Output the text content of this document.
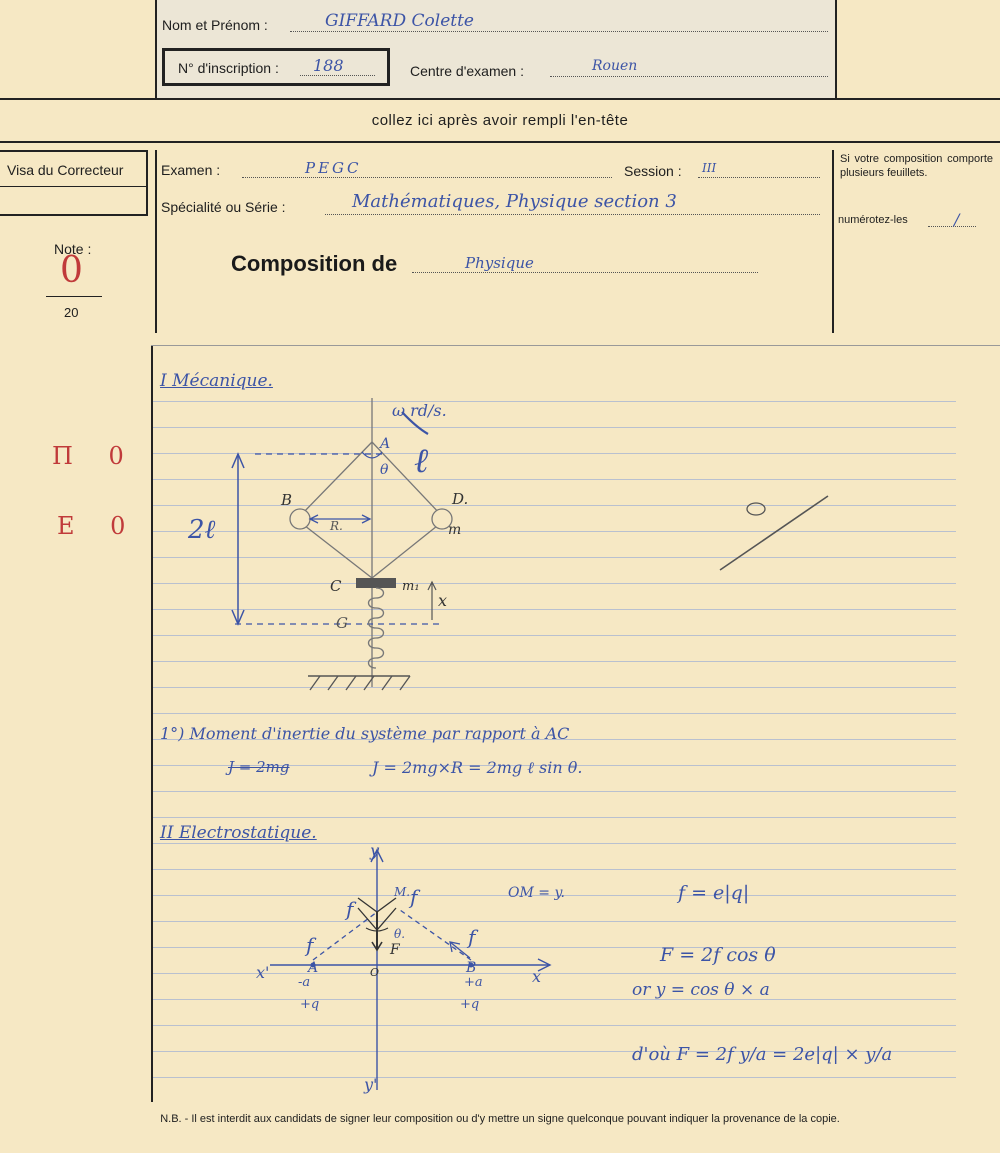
Nom et Prénom :	GIFFARD Colette
N° d'inscription : 188	Centre d'examen :	Rouen
collez ici après avoir rempli l'en-tête
Visa du Correcteur	Examen :	PEGC	Session : III
Spécialité ou Série :	Mathématiques, Physique section 3
Composition de	Physique
Si votre composition comporte plusieurs feuillets.
numérotez-les	/
Note :
0
20
Π 0
E 0
I Mécanique.
ω rd/s.
A
θ ℓ
B
R.
D.
m
C	m₁
x
G
2ℓ
1°) Moment d'inertie du système par rapport à AC
J = 2mg	J = 2mg×R = 2mg ℓ sin θ.
II Electrostatique.
y
y'
x'	x
O
M. f
f
F
θ.
A
-a
+q
B
+a
+q
f	f
OM = y.	f = e|q|
F = 2f cos θ
or y = cos θ × a
d'où F = 2f y/a = 2e|q| × y/a
N.B. - Il est interdit aux candidats de signer leur composition ou d'y mettre un signe quelconque pouvant indiquer la provenance de la copie.
